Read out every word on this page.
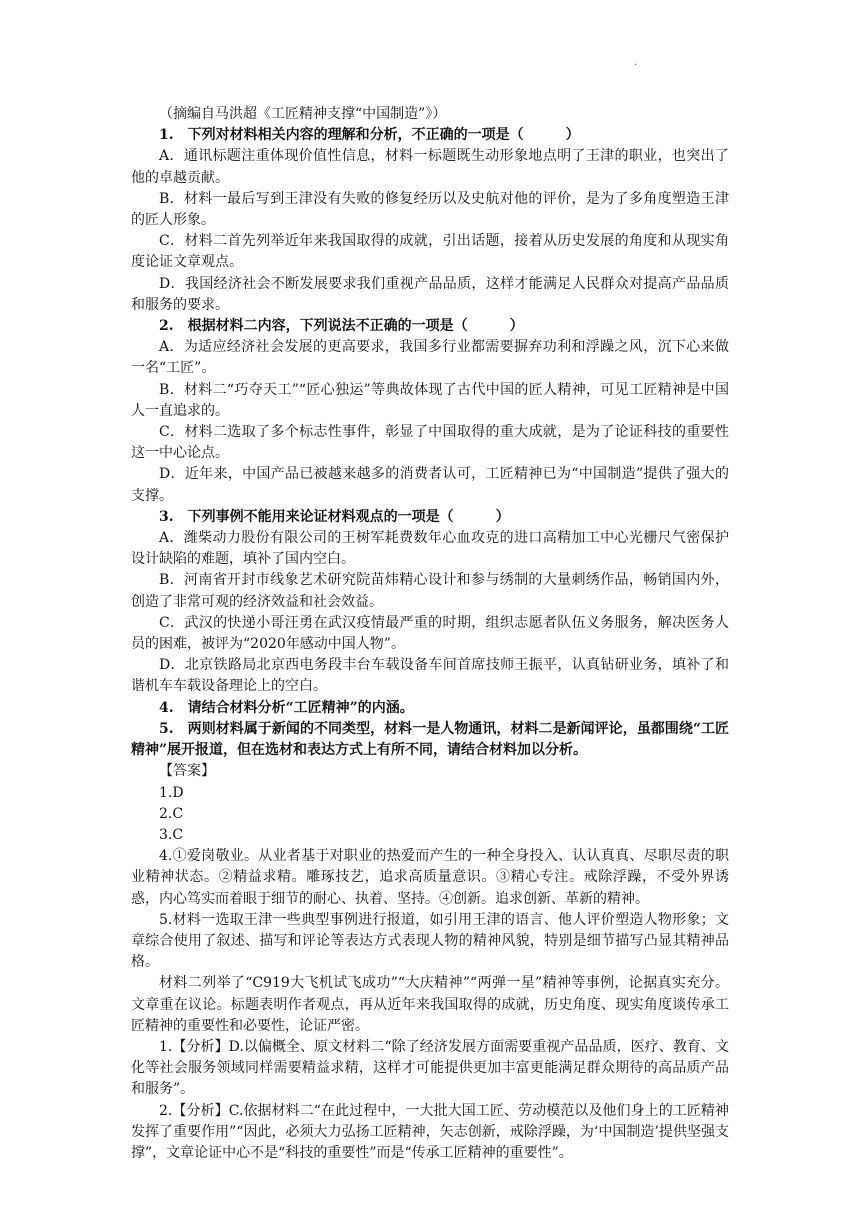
.

（摘编自马洪超《工匠精神支撑“中国制造”》）

1.　下列对材料相关内容的理解和分析，不正确的一项是（　　　）

A．通讯标题注重体现价值性信息，材料一标题既生动形象地点明了王津的职业，也突出了他的卓越贡献。

B．材料一最后写到王津没有失败的修复经历以及史航对他的评价，是为了多角度塑造王津的匠人形象。

C．材料二首先列举近年来我国取得的成就，引出话题，接着从历史发展的角度和从现实角度论证文章观点。

D．我国经济社会不断发展要求我们重视产品品质，这样才能满足人民群众对提高产品品质和服务的要求。

2.　根据材料二内容，下列说法不正确的一项是（　　　）

A．为适应经济社会发展的更高要求，我国多行业都需要摒弃功利和浮躁之风，沉下心来做一名“工匠”。

B．材料二“巧夺天工”“匠心独运”等典故体现了古代中国的匠人精神，可见工匠精神是中国人一直追求的。

C．材料二选取了多个标志性事件，彰显了中国取得的重大成就，是为了论证科技的重要性这一中心论点。

D．近年来，中国产品已被越来越多的消费者认可，工匠精神已为“中国制造”提供了强大的支撑。

3.　下列事例不能用来论证材料观点的一项是（　　　）

A．潍柴动力股份有限公司的王树军耗费数年心血攻克的进口高精加工中心光栅尺气密保护设计缺陷的难题，填补了国内空白。

B．河南省开封市线象艺术研究院苗炜精心设计和参与绣制的大量刺绣作品，畅销国内外，创造了非常可观的经济效益和社会效益。

C．武汉的快递小哥汪勇在武汉疫情最严重的时期，组织志愿者队伍义务服务，解决医务人员的困难，被评为“2020年感动中国人物”。

D．北京铁路局北京西电务段丰台车载设备车间首席技师王振平，认真钻研业务，填补了和谐机车车载设备理论上的空白。

4.　请结合材料分析“工匠精神”的内涵。

5.　两则材料属于新闻的不同类型，材料一是人物通讯，材料二是新闻评论，虽都围绕“工匠精神”展开报道，但在选材和表达方式上有所不同，请结合材料加以分析。

【答案】

1.D

2.C

3.C

4.①爱岗敬业。从业者基于对职业的热爱而产生的一种全身投入、认认真真、尽职尽责的职业精神状态。②精益求精。雕琢技艺，追求高质量意识。③精心专注。戒除浮躁，不受外界诱惑，内心笃实而着眼于细节的耐心、执着、坚持。④创新。追求创新、革新的精神。

5.材料一选取王津一些典型事例进行报道，如引用王津的语言、他人评价塑造人物形象；文章综合使用了叙述、描写和评论等表达方式表现人物的精神风貌，特别是细节描写凸显其精神品格。

材料二列举了“C919大飞机试飞成功”“大庆精神”“两弹一星”精神等事例，论据真实充分。文章重在议论。标题表明作者观点，再从近年来我国取得的成就，历史角度、现实角度谈传承工匠精神的重要性和必要性，论证严密。

1.【分析】D.以偏概全、原文材料二“除了经济发展方面需要重视产品品质，医疗、教育、文化等社会服务领域同样需要精益求精，这样才可能提供更加丰富更能满足群众期待的高品质产品和服务”。

2.【分析】C.依据材料二“在此过程中，一大批大国工匠、劳动模范以及他们身上的工匠精神发挥了重要作用”“因此，必须大力弘扬工匠精神，矢志创新，戒除浮躁，为‘中国制造’提供坚强支撑”，文章论证中心不是“科技的重要性”而是“传承工匠精神的重要性”。
